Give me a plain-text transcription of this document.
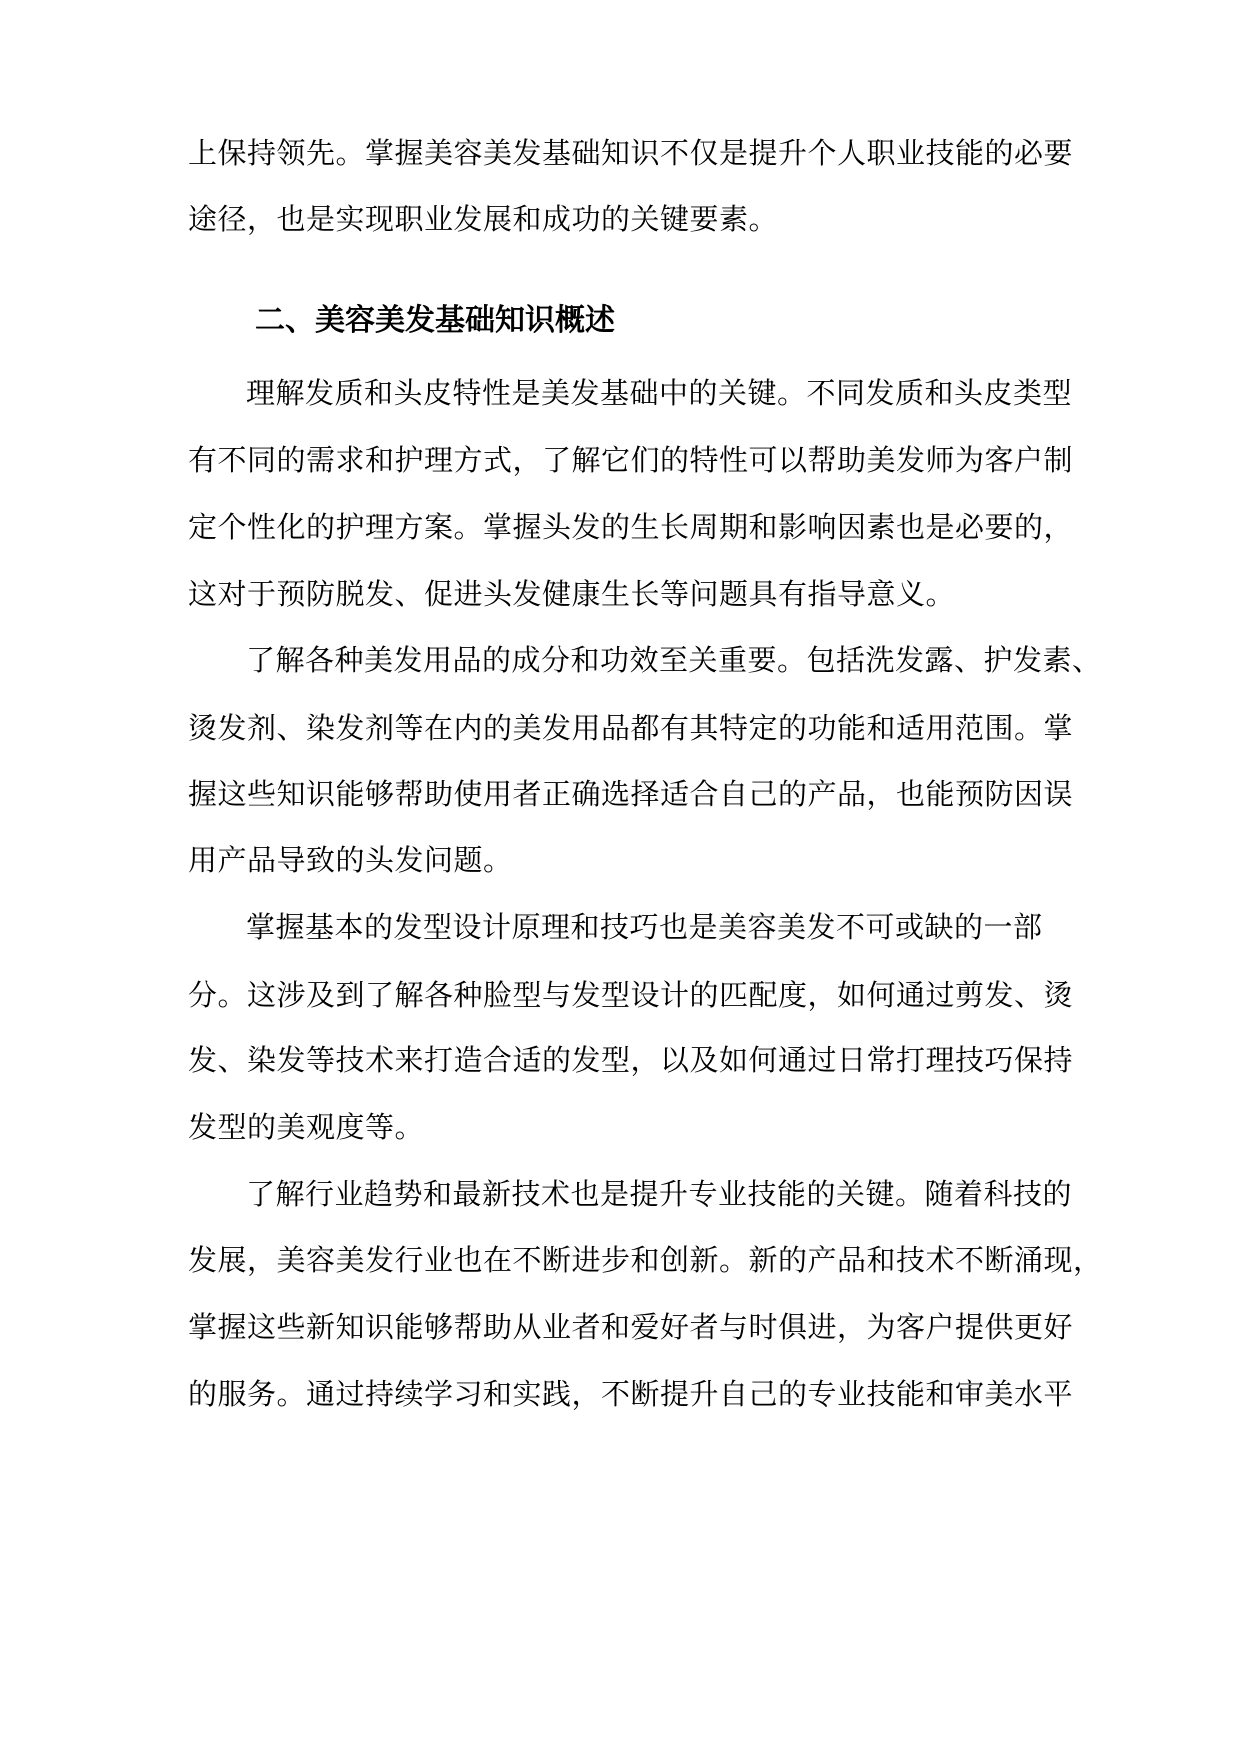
上保持领先。掌握美容美发基础知识不仅是提升个人职业技能的必要
途径，也是实现职业发展和成功的关键要素。
二、美容美发基础知识概述
理解发质和头皮特性是美发基础中的关键。不同发质和头皮类型
有不同的需求和护理方式，了解它们的特性可以帮助美发师为客户制
定个性化的护理方案。掌握头发的生长周期和影响因素也是必要的，
这对于预防脱发、促进头发健康生长等问题具有指导意义。
了解各种美发用品的成分和功效至关重要。包括洗发露、护发素、
烫发剂、染发剂等在内的美发用品都有其特定的功能和适用范围。掌
握这些知识能够帮助使用者正确选择适合自己的产品，也能预防因误
用产品导致的头发问题。
掌握基本的发型设计原理和技巧也是美容美发不可或缺的一部
分。这涉及到了解各种脸型与发型设计的匹配度，如何通过剪发、烫
发、染发等技术来打造合适的发型，以及如何通过日常打理技巧保持
发型的美观度等。
了解行业趋势和最新技术也是提升专业技能的关键。随着科技的
发展，美容美发行业也在不断进步和创新。新的产品和技术不断涌现，
掌握这些新知识能够帮助从业者和爱好者与时俱进，为客户提供更好
的服务。通过持续学习和实践，不断提升自己的专业技能和审美水平
